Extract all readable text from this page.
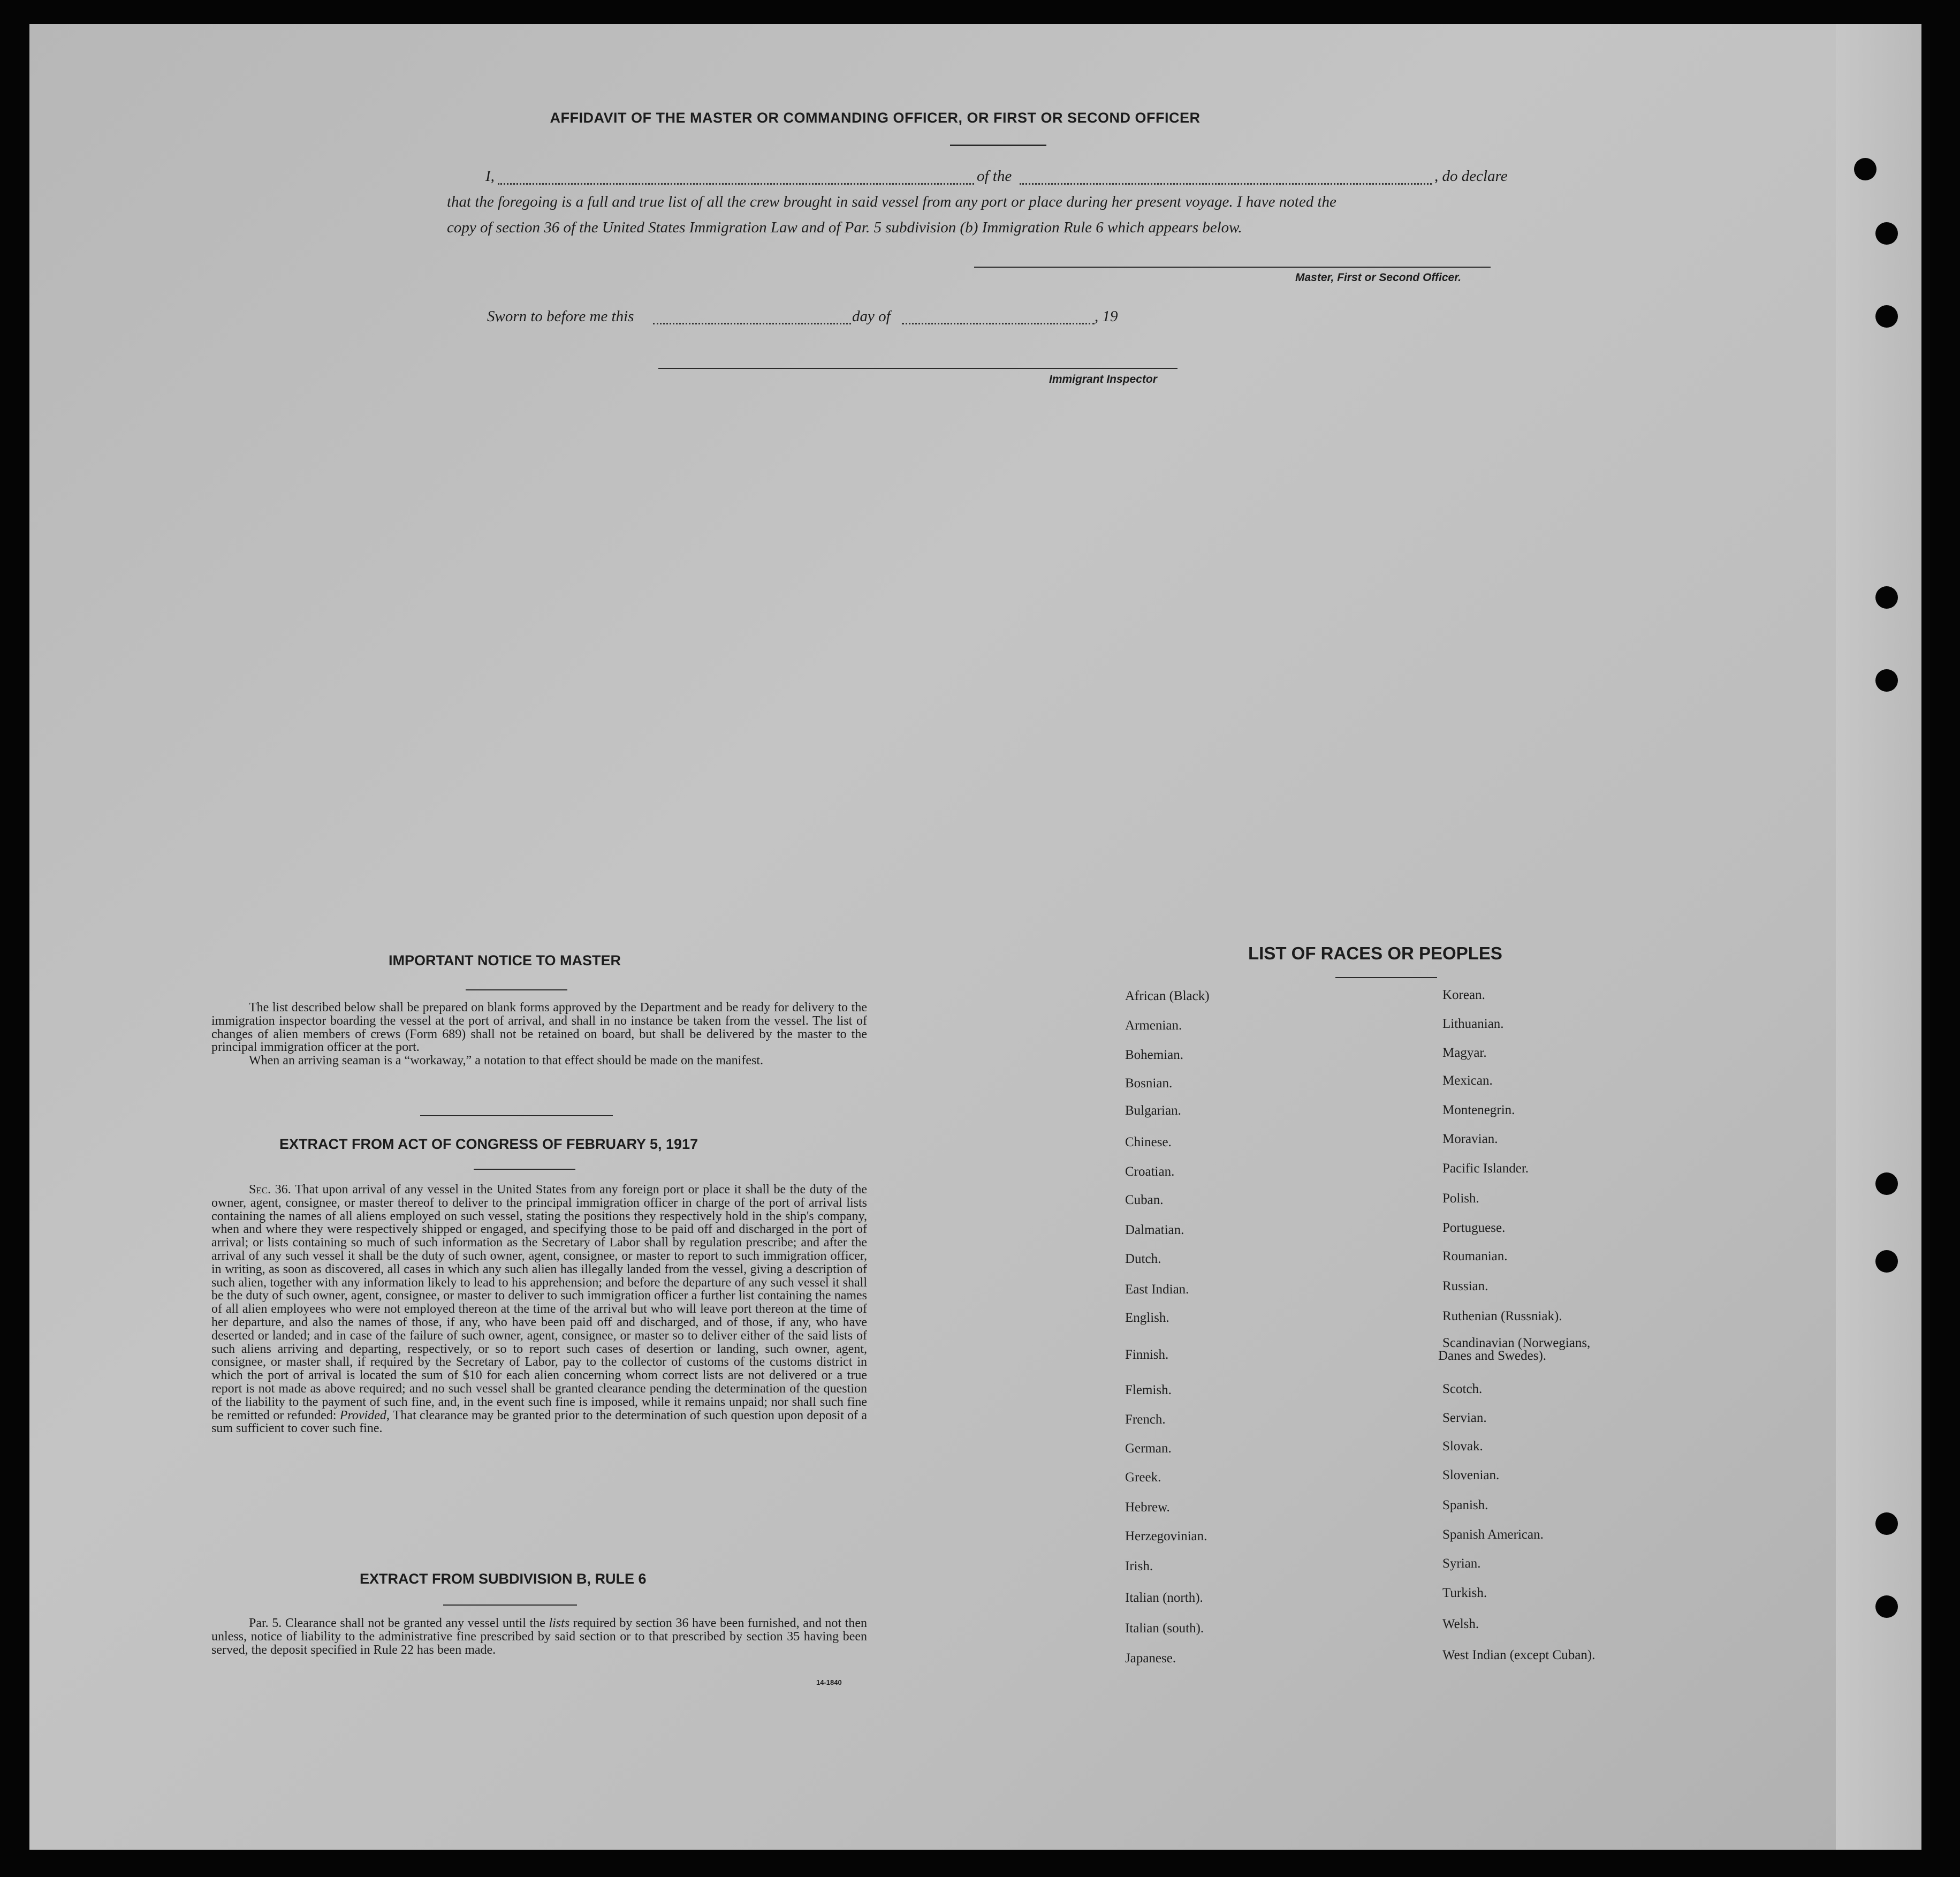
AFFIDAVIT OF THE MASTER OR COMMANDING OFFICER, OR FIRST OR SECOND OFFICER
I,	of the	, do declare
that the foregoing is a full and true list of all the crew brought in said vessel from any port or place during her present voyage. I have noted the
copy of section 36 of the United States Immigration Law and of Par. 5 subdivision (b) Immigration Rule 6 which appears below.
Master, First or Second Officer.
Sworn to before me this	day of	, 19
Immigrant Inspector
IMPORTANT NOTICE TO MASTER

The list described below shall be prepared on blank forms approved by the Department and be ready for delivery to the immigration inspector boarding the vessel at the port of arrival, and shall in no instance be taken from the vessel. The list of changes of alien members of crews (Form 689) shall not be retained on board, but shall be delivered by the master to the principal immigration officer at the port.

When an arriving seaman is a “workaway,” a notation to that effect should be made on the manifest.

EXTRACT FROM ACT OF CONGRESS OF FEBRUARY 5, 1917

Sec. 36. That upon arrival of any vessel in the United States from any foreign port or place it shall be the duty of the owner, agent, consignee, or master thereof to deliver to the principal immigration officer in charge of the port of arrival lists containing the names of all aliens employed on such vessel, stating the positions they respectively hold in the ship's company, when and where they were respectively shipped or engaged, and specifying those to be paid off and discharged in the port of arrival; or lists containing so much of such information as the Secretary of Labor shall by regulation prescribe; and after the arrival of any such vessel it shall be the duty of such owner, agent, consignee, or master to report to such immigration officer, in writing, as soon as discovered, all cases in which any such alien has illegally landed from the vessel, giving a description of such alien, together with any information likely to lead to his apprehension; and before the departure of any such vessel it shall be the duty of such owner, agent, consignee, or master to deliver to such immigration officer a further list containing the names of all alien employees who were not employed thereon at the time of the arrival but who will leave port thereon at the time of her departure, and also the names of those, if any, who have been paid off and discharged, and of those, if any, who have deserted or landed; and in case of the failure of such owner, agent, consignee, or master so to deliver either of the said lists of such aliens arriving and departing, respectively, or so to report such cases of desertion or landing, such owner, agent, consignee, or master shall, if required by the Secretary of Labor, pay to the collector of customs of the customs district in which the port of arrival is located the sum of $10 for each alien concerning whom correct lists are not delivered or a true report is not made as above required; and no such vessel shall be granted clearance pending the determination of the question of the liability to the payment of such fine, and, in the event such fine is imposed, while it remains unpaid; nor shall such fine be remitted or refunded: Provided, That clearance may be granted prior to the determination of such question upon deposit of a sum sufficient to cover such fine.

EXTRACT FROM SUBDIVISION B, RULE 6

Par. 5. Clearance shall not be granted any vessel until the lists required by section 36 have been furnished, and not then unless, notice of liability to the administrative fine prescribed by said section or to that prescribed by section 35 having been served, the deposit specified in Rule 22 has been made.

14-1840
LIST OF RACES OR PEOPLES
African (Black)
Armenian.
Bohemian.
Bosnian.
Bulgarian.
Chinese.
Croatian.
Cuban.
Dalmatian.
Dutch.
East Indian.
English.
Finnish.
Flemish.
French.
German.
Greek.
Hebrew.
Herzegovinian.
Irish.
Italian (north).
Italian (south).
Japanese.
Korean.
Lithuanian.
Magyar.
Mexican.
Montenegrin.
Moravian.
Pacific Islander.
Polish.
Portuguese.
Roumanian.
Russian.
Ruthenian (Russniak).
Scandinavian (Norwegians,
Scotch.
Servian.
Slovak.
Slovenian.
Spanish.
Spanish American.
Syrian.
Turkish.
Welsh.
West Indian (except Cuban).
Danes and Swedes).
